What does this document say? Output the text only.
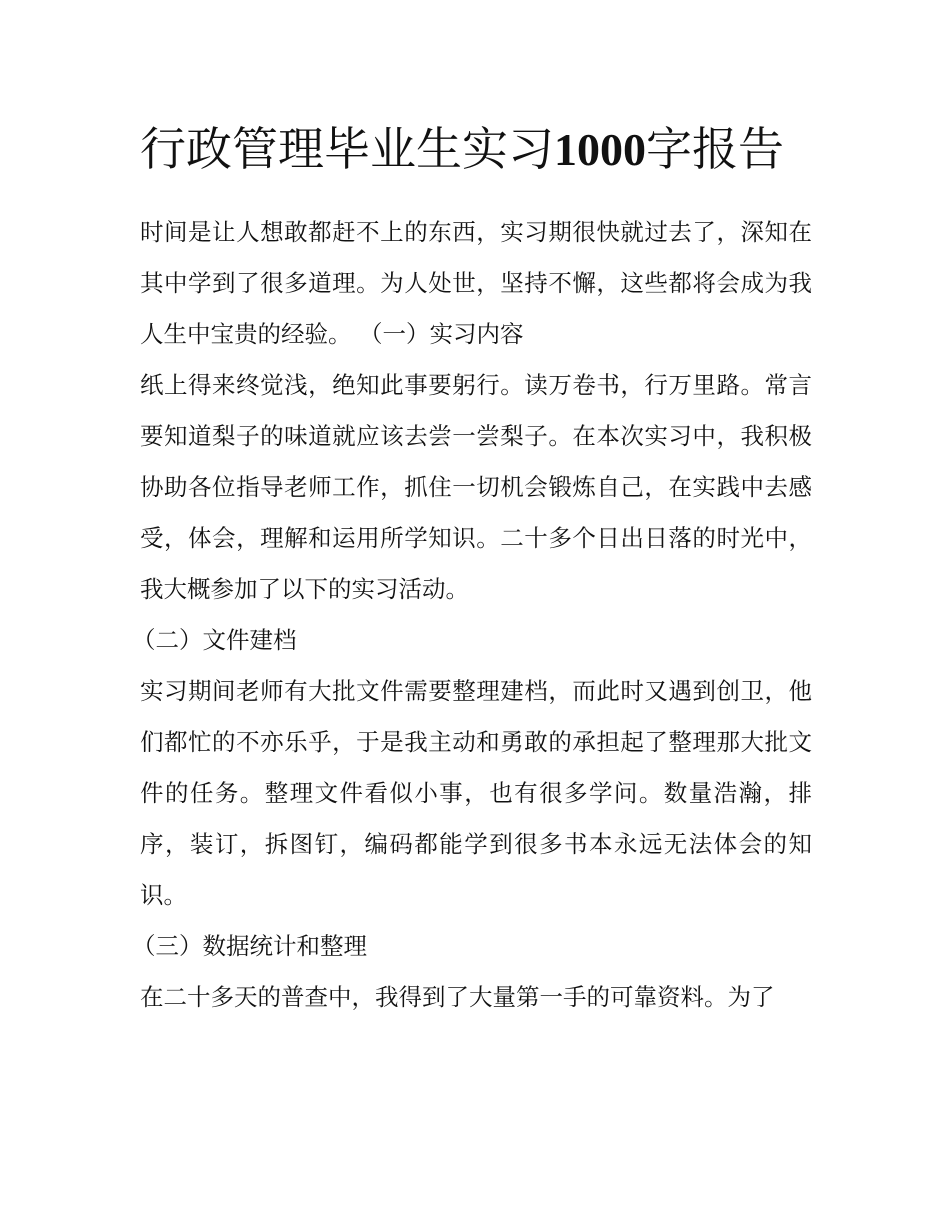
行政管理毕业生实习1000字报告

时间是让人想敢都赶不上的东西，实习期很快就过去了，深知在其中学到了很多道理。为人处世，坚持不懈，这些都将会成为我人生中宝贵的经验。 （一）实习内容

纸上得来终觉浅，绝知此事要躬行。读万卷书，行万里路。常言要知道梨子的味道就应该去尝一尝梨子。在本次实习中，我积极协助各位指导老师工作，抓住一切机会锻炼自己，在实践中去感受，体会，理解和运用所学知识。二十多个日出日落的时光中，我大概参加了以下的实习活动。

（二）文件建档

实习期间老师有大批文件需要整理建档，而此时又遇到创卫，他们都忙的不亦乐乎，于是我主动和勇敢的承担起了整理那大批文件的任务。整理文件看似小事，也有很多学问。数量浩瀚，排序，装订，拆图钉，编码都能学到很多书本永远无法体会的知识。

（三）数据统计和整理

在二十多天的普查中，我得到了大量第一手的可靠资料。为了
